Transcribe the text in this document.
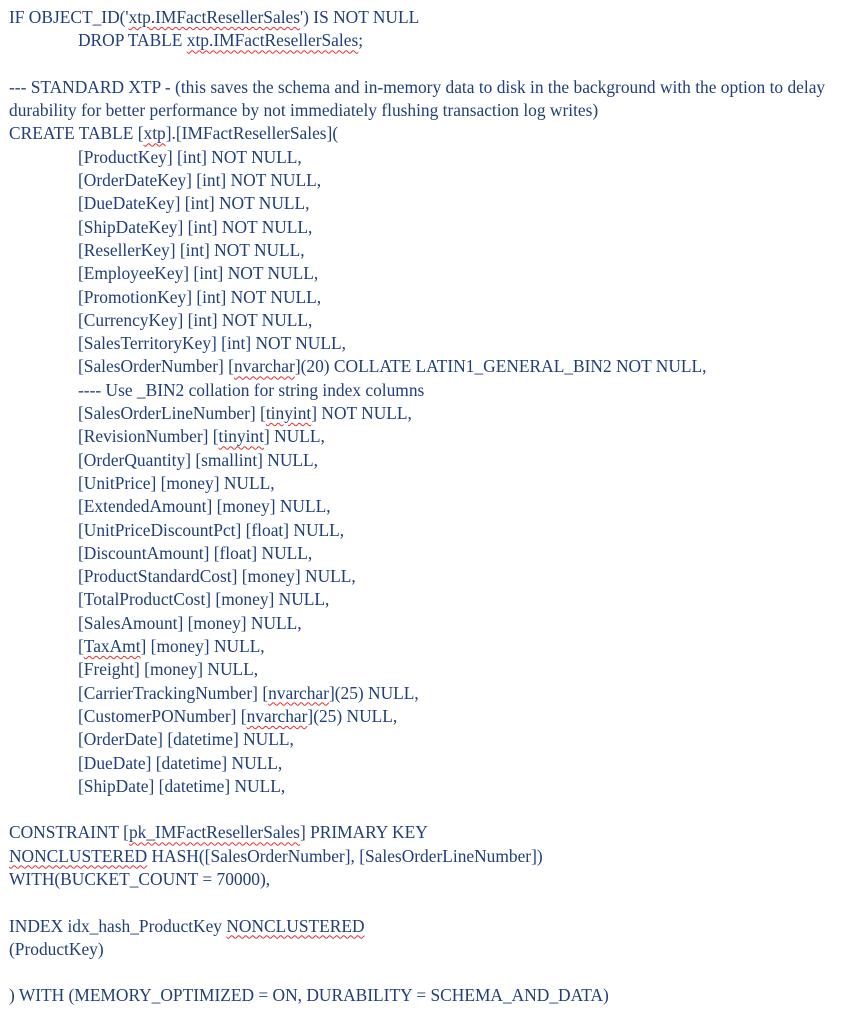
IF OBJECT_ID('xtp.IMFactResellerSales') IS NOT NULL
DROP TABLE xtp.IMFactResellerSales;
--- STANDARD XTP - (this saves the schema and in-memory data to disk in the background with the option to delay durability for better performance by not immediately flushing transaction log writes)
CREATE TABLE [xtp].[IMFactResellerSales](
[ProductKey] [int] NOT NULL,
[OrderDateKey] [int] NOT NULL,
[DueDateKey] [int] NOT NULL,
[ShipDateKey] [int] NOT NULL,
[ResellerKey] [int] NOT NULL,
[EmployeeKey] [int] NOT NULL,
[PromotionKey] [int] NOT NULL,
[CurrencyKey] [int] NOT NULL,
[SalesTerritoryKey] [int] NOT NULL,
[SalesOrderNumber] [nvarchar](20) COLLATE LATIN1_GENERAL_BIN2 NOT NULL,
---- Use _BIN2 collation for string index columns
[SalesOrderLineNumber] [tinyint] NOT NULL,
[RevisionNumber] [tinyint] NULL,
[OrderQuantity] [smallint] NULL,
[UnitPrice] [money] NULL,
[ExtendedAmount] [money] NULL,
[UnitPriceDiscountPct] [float] NULL,
[DiscountAmount] [float] NULL,
[ProductStandardCost] [money] NULL,
[TotalProductCost] [money] NULL,
[SalesAmount] [money] NULL,
[TaxAmt] [money] NULL,
[Freight] [money] NULL,
[CarrierTrackingNumber] [nvarchar](25) NULL,
[CustomerPONumber] [nvarchar](25) NULL,
[OrderDate] [datetime] NULL,
[DueDate] [datetime] NULL,
[ShipDate] [datetime] NULL,
CONSTRAINT [pk_IMFactResellerSales] PRIMARY KEY
NONCLUSTERED HASH([SalesOrderNumber], [SalesOrderLineNumber])
WITH(BUCKET_COUNT = 70000),
INDEX idx_hash_ProductKey NONCLUSTERED
(ProductKey)
) WITH (MEMORY_OPTIMIZED = ON, DURABILITY = SCHEMA_AND_DATA)
